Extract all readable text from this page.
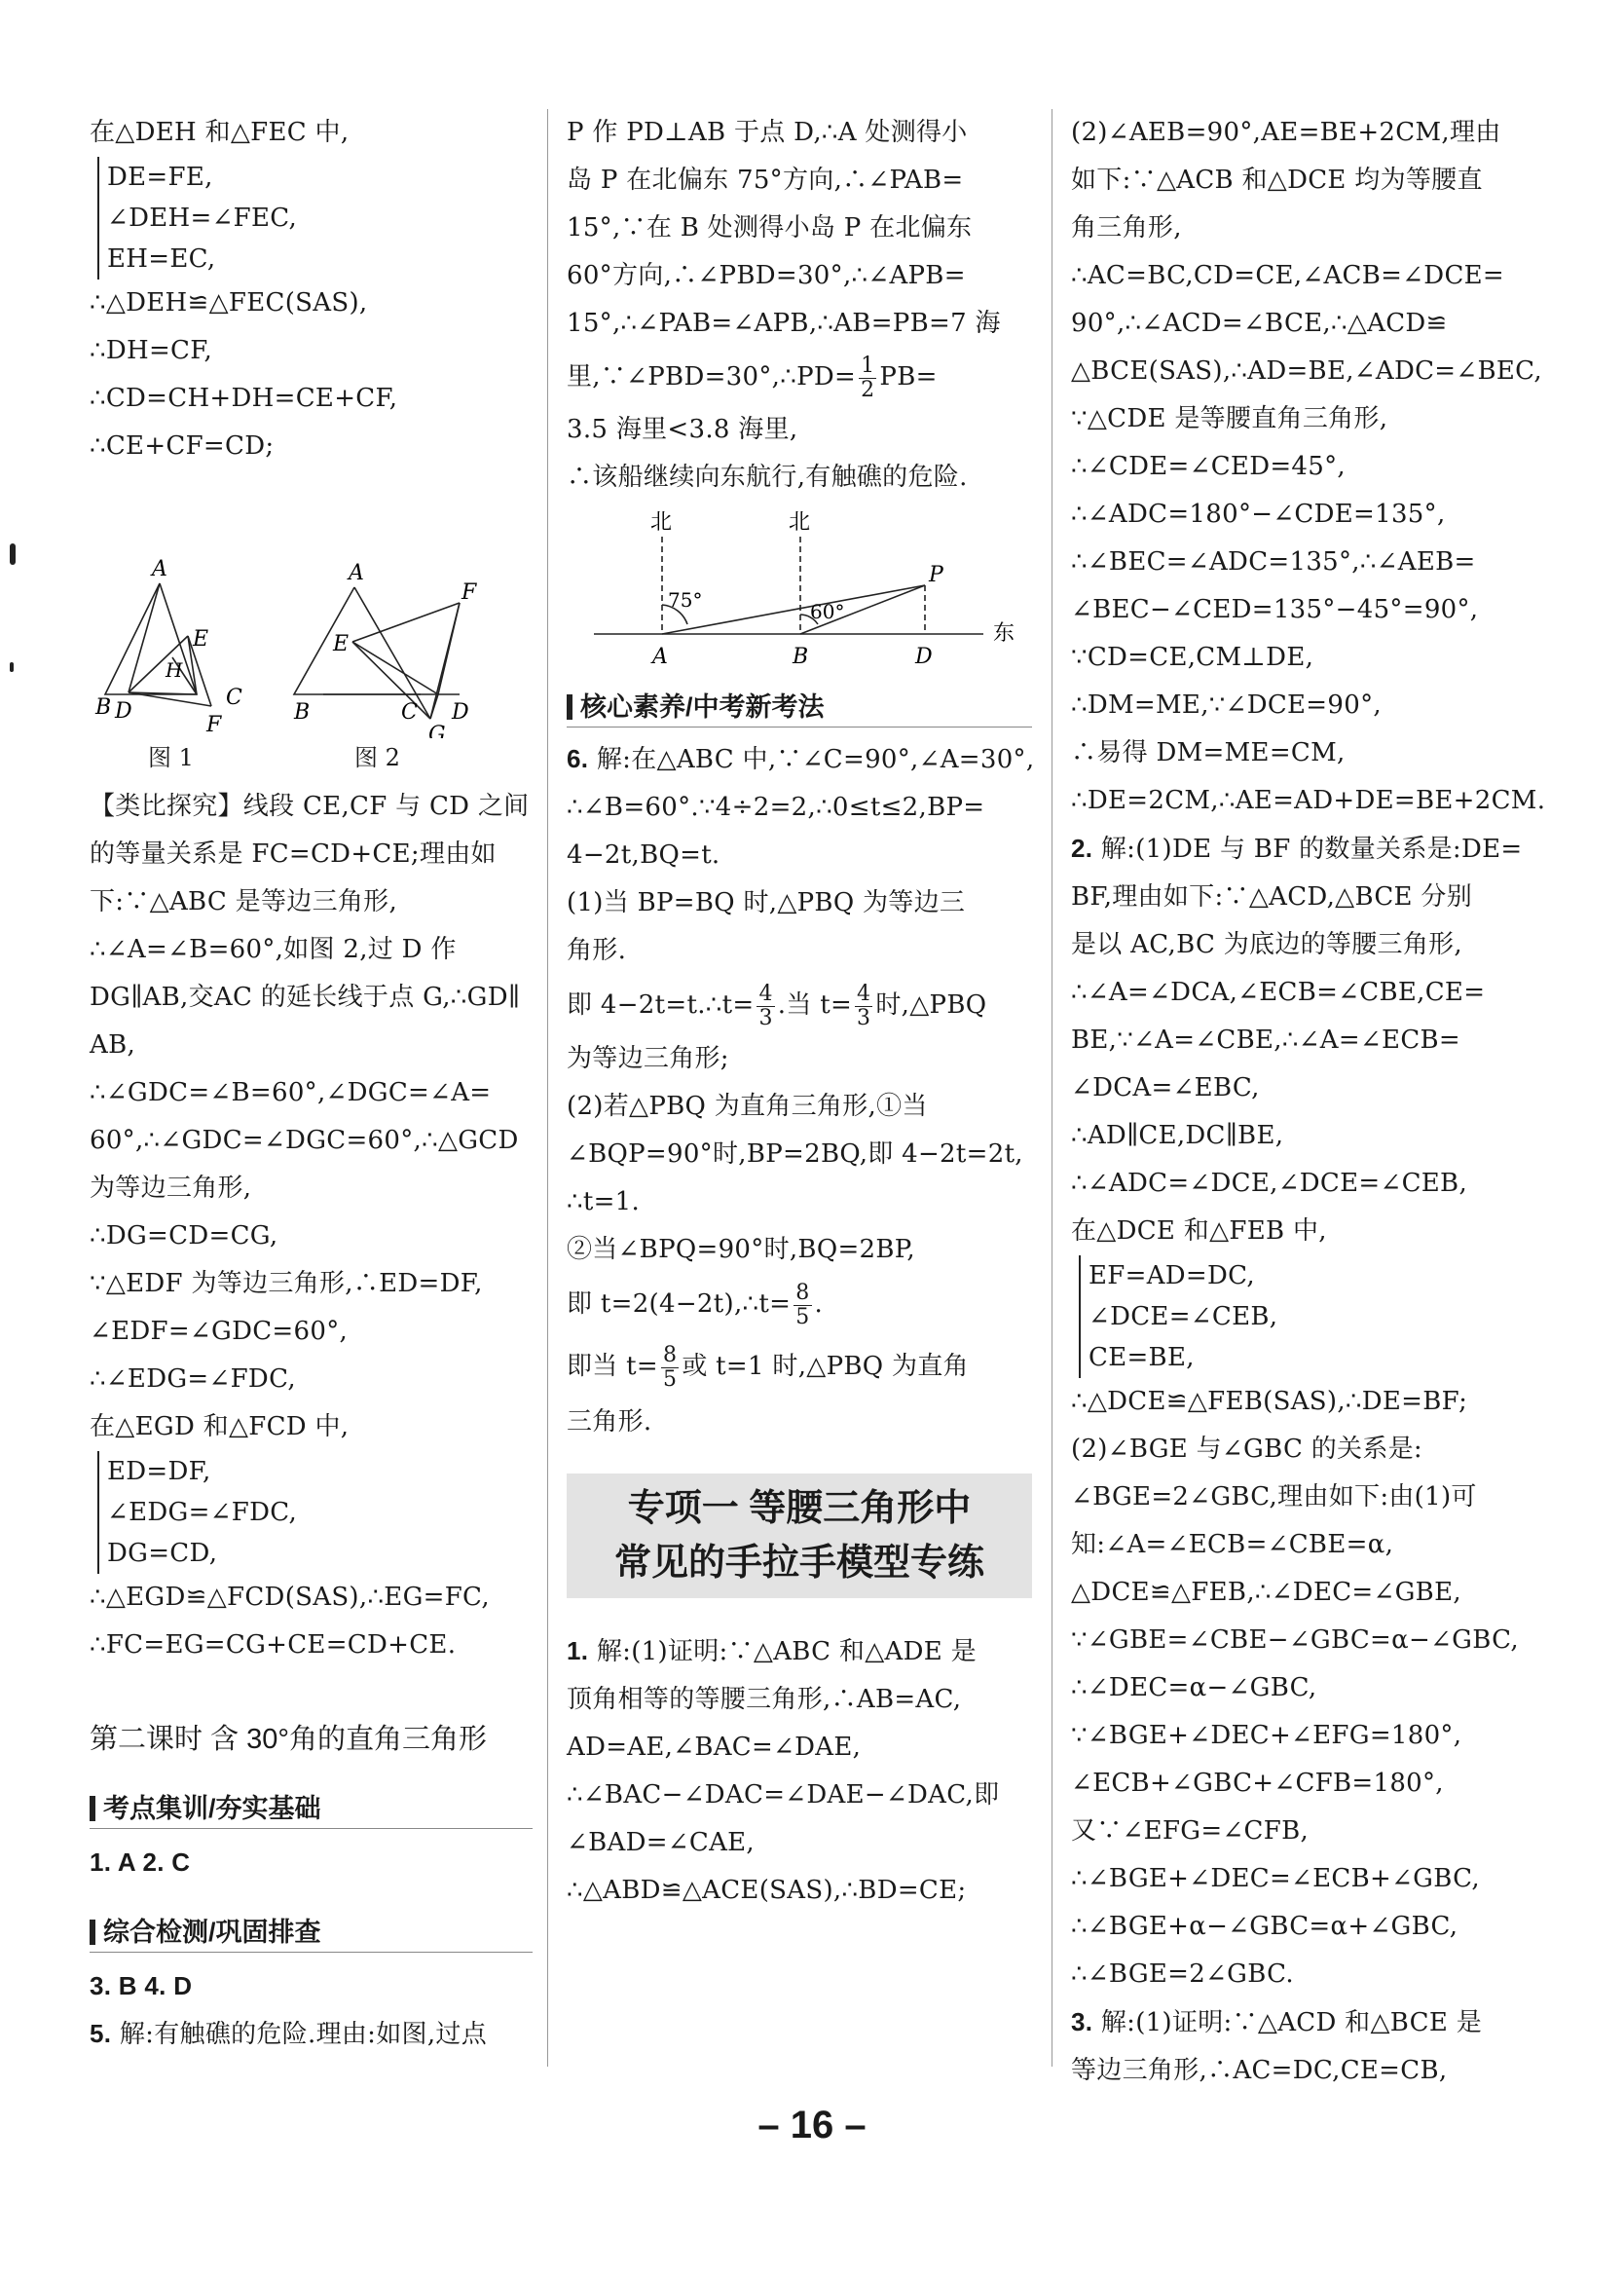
在△DEH 和△FEC 中,
DE=FE,
∠DEH=∠FEC,
EH=EC,
∴△DEH≌△FEC(SAS),
∴DH=CF,
∴CD=CH+DH=CE+CF,
∴CE+CF=CD;
A
E
H
C
B D
F
A
F
E
B	C D
G
图 1	图 2
【类比探究】线段 CE,CF 与 CD 之间
的等量关系是 FC=CD+CE;理由如
下:∵△ABC 是等边三角形,
∴∠A=∠B=60°,如图 2,过 D 作
DG∥AB,交AC 的延长线于点 G,∴GD∥
AB,
∴∠GDC=∠B=60°,∠DGC=∠A=
60°,∴∠GDC=∠DGC=60°,∴△GCD
为等边三角形,
∴DG=CD=CG,
∵△EDF 为等边三角形,∴ED=DF,
∠EDF=∠GDC=60°,
∴∠EDG=∠FDC,
在△EGD 和△FCD 中,
ED=DF,
∠EDG=∠FDC,
DG=CD,
∴△EGD≌△FCD(SAS),∴EG=FC,
∴FC=EG=CG+CE=CD+CE.
第二课时 含 30°角的直角三角形
考点集训/夯实基础
1. A 2. C
综合检测/巩固排查
3. B 4. D
5. 解:有触礁的危险.理由:如图,过点
P 作 PD⊥AB 于点 D,∴A 处测得小
岛 P 在北偏东 75°方向,∴∠PAB=
15°,∵在 B 处测得小岛 P 在北偏东
60°方向,∴∠PBD=30°,∴∠APB=
15°,∴∠PAB=∠APB,∴AB=PB=7 海
里,∵∠PBD=30°,∴PD= $\frac{1}{2} PB=$
3.5 海里<3.8 海里,
∴该船继续向东航行,有触礁的危险.
北	北
东
75°	60°
A	B	D
P
核心素养/中考新考法
6. 解:在△ABC 中,∵∠C=90°,∠A=30°,
∴∠B=60°.∵4÷2=2,∴0≤t≤2,BP=
4−2t,BQ=t.
(1)当 BP=BQ 时,△PBQ 为等边三
角形.
即 4−2t=t.∴t= $\frac{4}{3}$ .当 $t= \frac{4}{3}$ 时,△PBQ
为等边三角形;
(2)若△PBQ 为直角三角形,①当
∠BQP=90°时,BP=2BQ,即 4−2t=2t,
∴t=1.
②当∠BPQ=90°时,BQ=2BP,
即 t=2(4−2t),∴t= $\frac{8}{5}$ .
即当 $t= \frac{8}{5}$ 或 t=1 时,△PBQ 为直角
三角形.
专项一 等腰三角形中
常见的手拉手模型专练
1. 解:(1)证明:∵△ABC 和△ADE 是
顶角相等的等腰三角形,∴AB=AC,
AD=AE,∠BAC=∠DAE,
∴∠BAC−∠DAC=∠DAE−∠DAC,即
∠BAD=∠CAE,
∴△ABD≌△ACE(SAS),∴BD=CE;
(2)∠AEB=90°,AE=BE+2CM,理由
如下:∵△ACB 和△DCE 均为等腰直
角三角形,
∴AC=BC,CD=CE,∠ACB=∠DCE=
90°,∴∠ACD=∠BCE,∴△ACD≌
△BCE(SAS),∴AD=BE,∠ADC=∠BEC,
∵△CDE 是等腰直角三角形,
∴∠CDE=∠CED=45°,
∴∠ADC=180°−∠CDE=135°,
∴∠BEC=∠ADC=135°,∴∠AEB=
∠BEC−∠CED=135°−45°=90°,
∵CD=CE,CM⊥DE,
∴DM=ME,∵∠DCE=90°,
∴易得 DM=ME=CM,
∴DE=2CM,∴AE=AD+DE=BE+2CM.
2. 解:(1)DE 与 BF 的数量关系是:DE=
BF,理由如下:∵△ACD,△BCE 分别
是以 AC,BC 为底边的等腰三角形,
∴∠A=∠DCA,∠ECB=∠CBE,CE=
BE,∵∠A=∠CBE,∴∠A=∠ECB=
∠DCA=∠EBC,
∴AD∥CE,DC∥BE,
∴∠ADC=∠DCE,∠DCE=∠CEB,
在△DCE 和△FEB 中,
EF=AD=DC,
∠DCE=∠CEB,
CE=BE,
∴△DCE≌△FEB(SAS),∴DE=BF;
(2)∠BGE 与∠GBC 的关系是:
∠BGE=2∠GBC,理由如下:由(1)可
知:∠A=∠ECB=∠CBE=α,
△DCE≌△FEB,∴∠DEC=∠GBE,
∵∠GBE=∠CBE−∠GBC=α−∠GBC,
∴∠DEC=α−∠GBC,
∵∠BGE+∠DEC+∠EFG=180°,
∠ECB+∠GBC+∠CFB=180°,
又∵∠EFG=∠CFB,
∴∠BGE+∠DEC=∠ECB+∠GBC,
∴∠BGE+α−∠GBC=α+∠GBC,
∴∠BGE=2∠GBC.
3. 解:(1)证明:∵△ACD 和△BCE 是
等边三角形,∴AC=DC,CE=CB,
– 16 –
